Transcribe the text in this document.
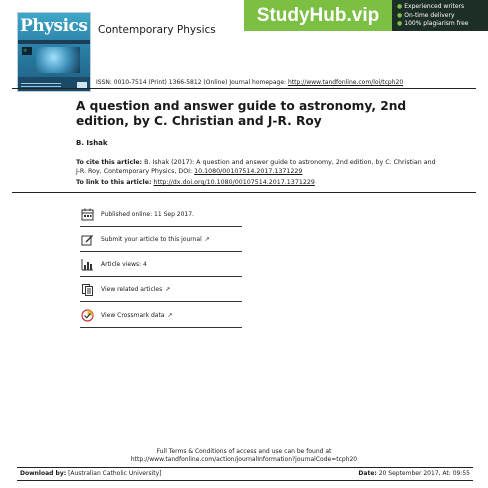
Physics
⚛
Contemporary Physics
StudyHub.vip	● Experienced writers
● On-time delivery
● 100% plagiarism free
ISSN: 0010-7514 (Print) 1366-5812 (Online) Journal homepage: http://www.tandfonline.com/loi/tcph20
A question and answer guide to astronomy, 2nd edition, by C. Christian and J-R. Roy
B. Ishak
To cite this article: B. Ishak (2017): A question and answer guide to astronomy, 2nd edition, by C. Christian and J-R. Roy, Contemporary Physics, DOI: 10.1080/00107514.2017.1371229
To link to this article: http://dx.doi.org/10.1080/00107514.2017.1371229
Published online: 11 Sep 2017.
Submit your article to this journal ↗
Article views: 4
View related articles ↗
View Crossmark data ↗
Full Terms & Conditions of access and use can be found at
http://www.tandfonline.com/action/journalInformation?journalCode=tcph20
Download by: [Australian Catholic University]	Date: 20 September 2017, At: 09:55
